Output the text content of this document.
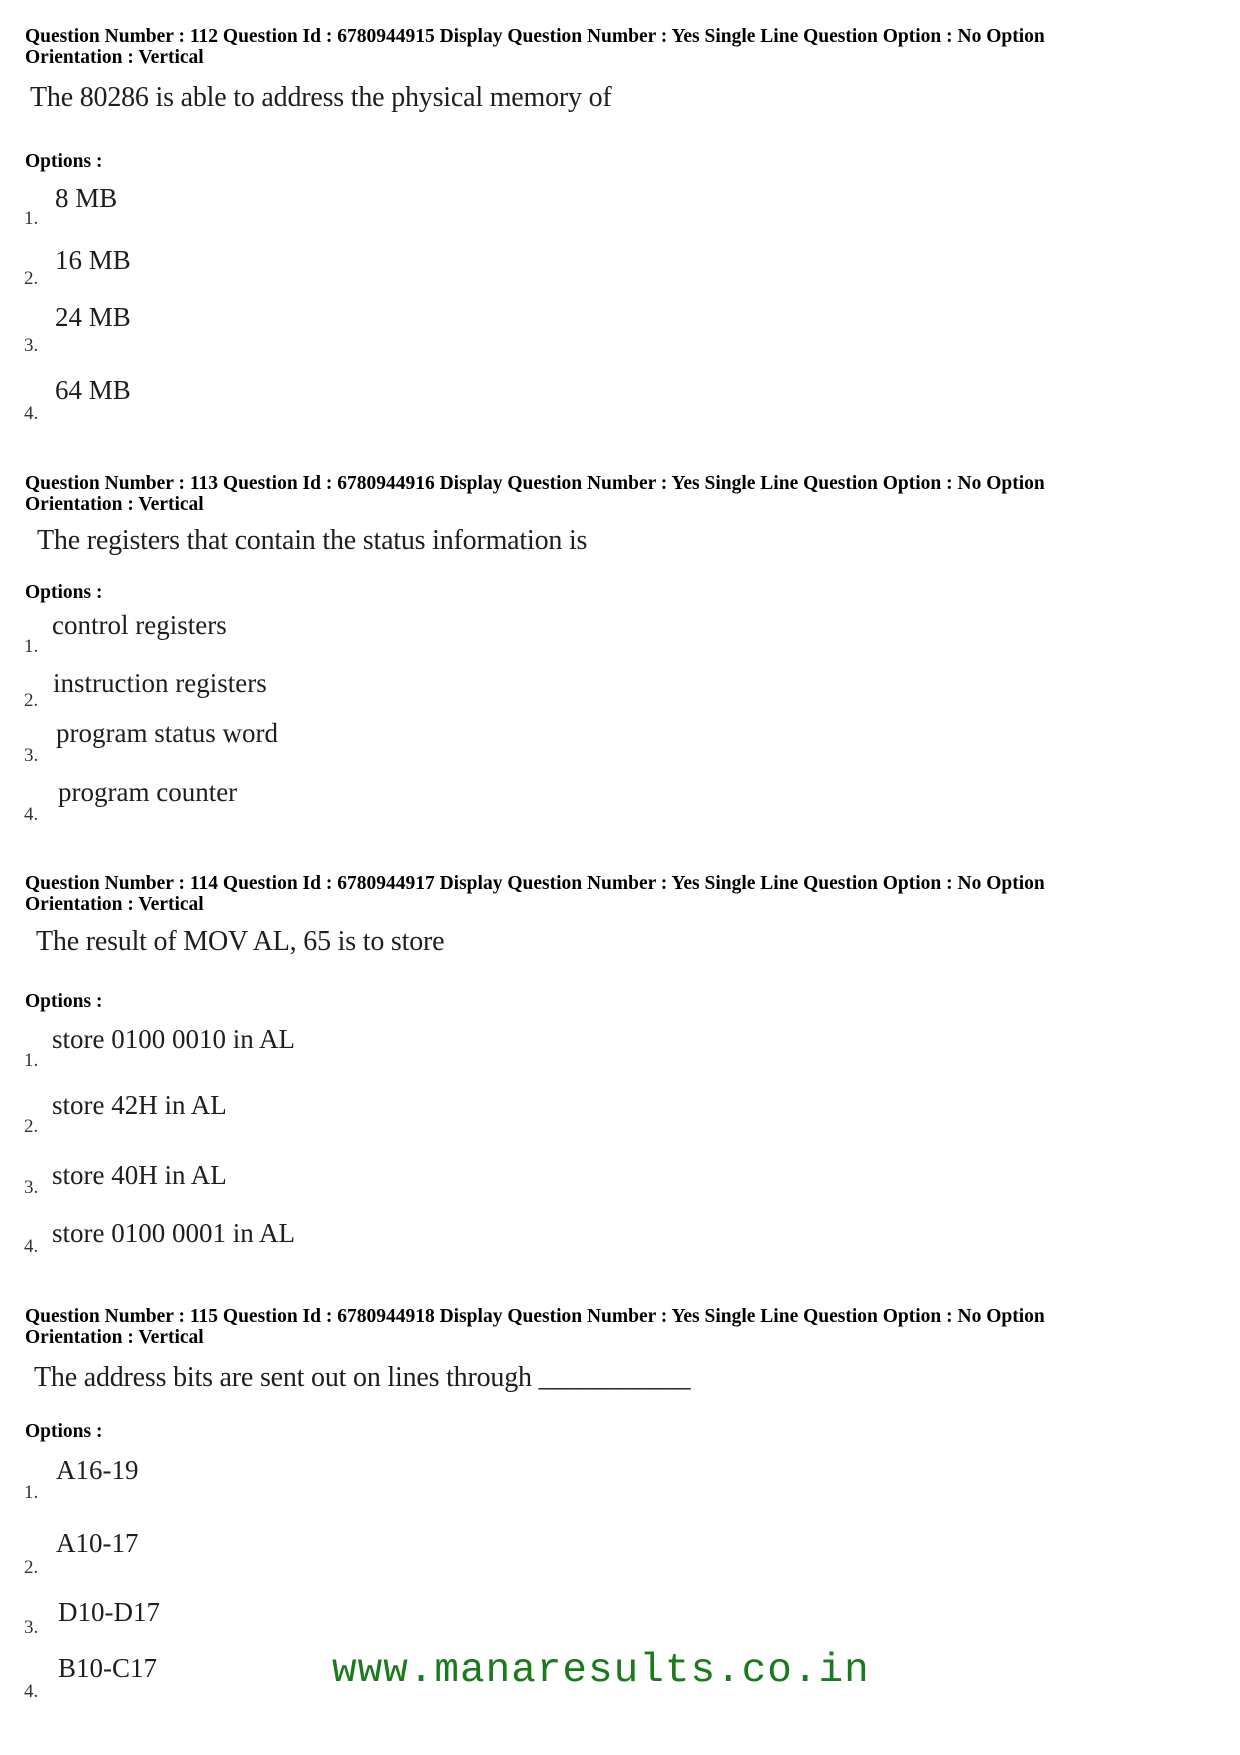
Question Number : 112 Question Id : 6780944915 Display Question Number : Yes Single Line Question Option : No Option
Orientation : Vertical
The 80286 is able to address the physical memory of
Options :
1.
8 MB
2.
16 MB
3.
24 MB
4.
64 MB
Question Number : 113 Question Id : 6780944916 Display Question Number : Yes Single Line Question Option : No Option
Orientation : Vertical
The registers that contain the status information is
Options :
1.
control registers
2.
instruction registers
3.
program status word
4.
program counter
Question Number : 114 Question Id : 6780944917 Display Question Number : Yes Single Line Question Option : No Option
Orientation : Vertical
The result of MOV AL, 65 is to store
Options :
1.
store 0100 0010 in AL
2.
store 42H in AL
3. store 40H in AL
4. store 0100 0001 in AL
Question Number : 115 Question Id : 6780944918 Display Question Number : Yes Single Line Question Option : No Option
Orientation : Vertical
The address bits are sent out on lines through ___________
Options :
1.
A16-19
2.
A10-17
3.
D10-D17
4.
B10-C17	www.manaresults.co.in
